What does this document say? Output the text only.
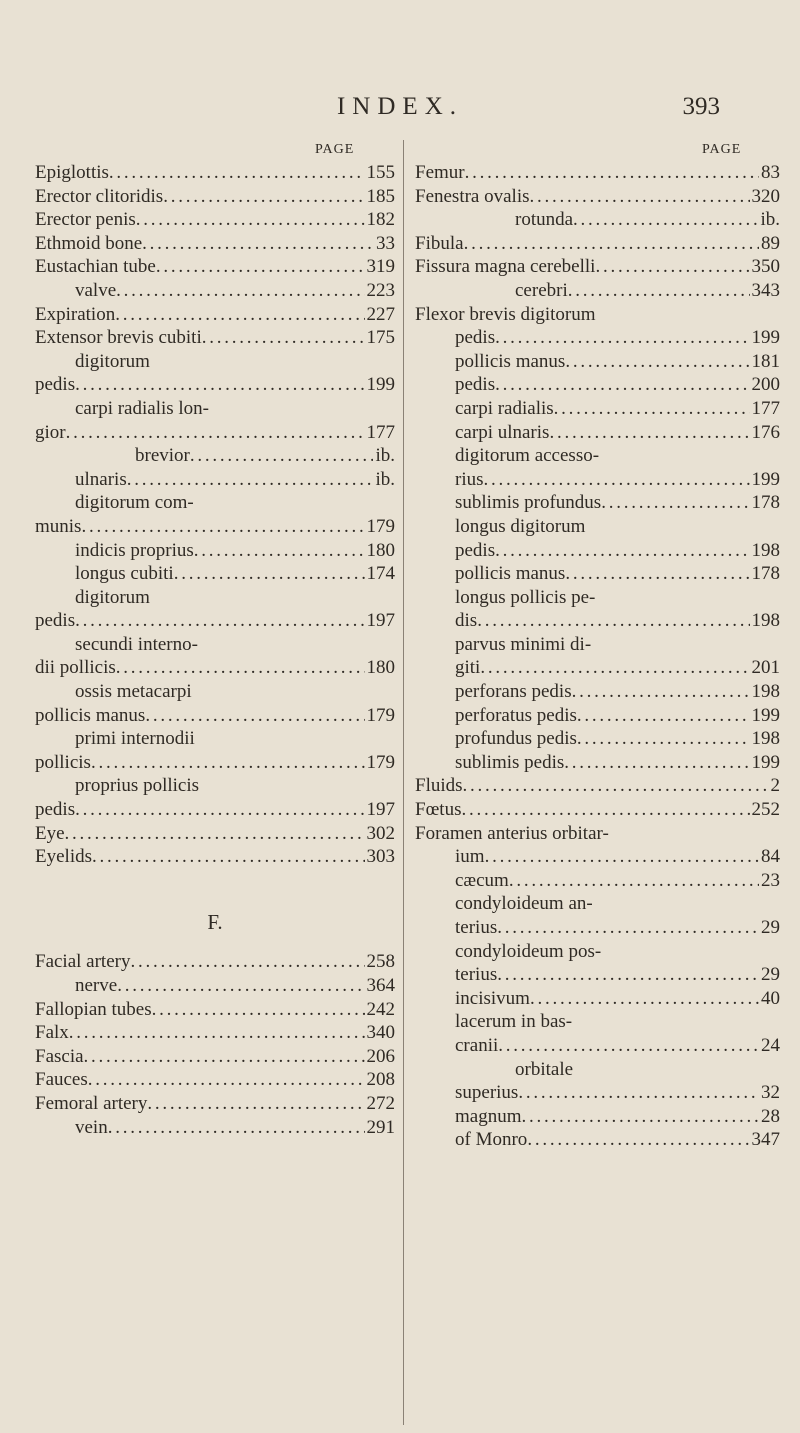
INDEX.	393
PAGE	PAGE
Epiglottis . . .	155
Erector clitoridis . . .	185
Erector penis . . .	182
Ethmoid bone . . .	33
Eustachian tube . . .	319
valve . . .	223
Expiration . . .	227
Extensor brevis cubiti . . .	175
digitorum
pedis . . .	199
carpi radialis lon-
gior . . .	177
brevior . . .	ib.
ulnaris . . .	ib.
digitorum com-
munis . . .	179
indicis proprius . . .	180
longus cubiti . . .	174
digitorum
pedis . . .	197
secundi interno-
dii pollicis . . .	180
ossis metacarpi
pollicis manus . . .	179
primi internodii
pollicis . . .	179
proprius pollicis
pedis . . .	197
Eye . . .	302
Eyelids . . .	303
F.
Facial artery . . .	258
nerve . . .	364
Fallopian tubes . . .	242
Falx . . .	340
Fascia . . .	206
Fauces . . .	208
Femoral artery . . .	272
vein . . .	291
Femur . . .	83
Fenestra ovalis . . .	320
rotunda . . .	ib.
Fibula . . .	89
Fissura magna cerebelli . . .	350
cerebri . . .	343
Flexor brevis digitorum
pedis . . .	199
pollicis manus . . .	181
pedis . . .	200
carpi radialis . . .	177
carpi ulnaris . . .	176
digitorum accesso-
rius . . .	199
sublimis profundus . . .	178
longus digitorum
pedis . . .	198
pollicis manus . . .	178
longus pollicis pe-
dis . . .	198
parvus minimi di-
giti . . .	201
perforans pedis . . .	198
perforatus pedis . . .	199
profundus pedis . . .	198
sublimis pedis . . .	199
Fluids . . .	2
Fœtus . . .	252
Foramen anterius orbitar-
ium . . .	84
cæcum . . .	23
condyloideum an-
terius . . .	29
condyloideum pos-
terius . . .	29
incisivum . . .	40
lacerum in bas-
cranii . . .	24
orbitale
superius . . .	32
magnum . . .	28
of Monro . . .	347
